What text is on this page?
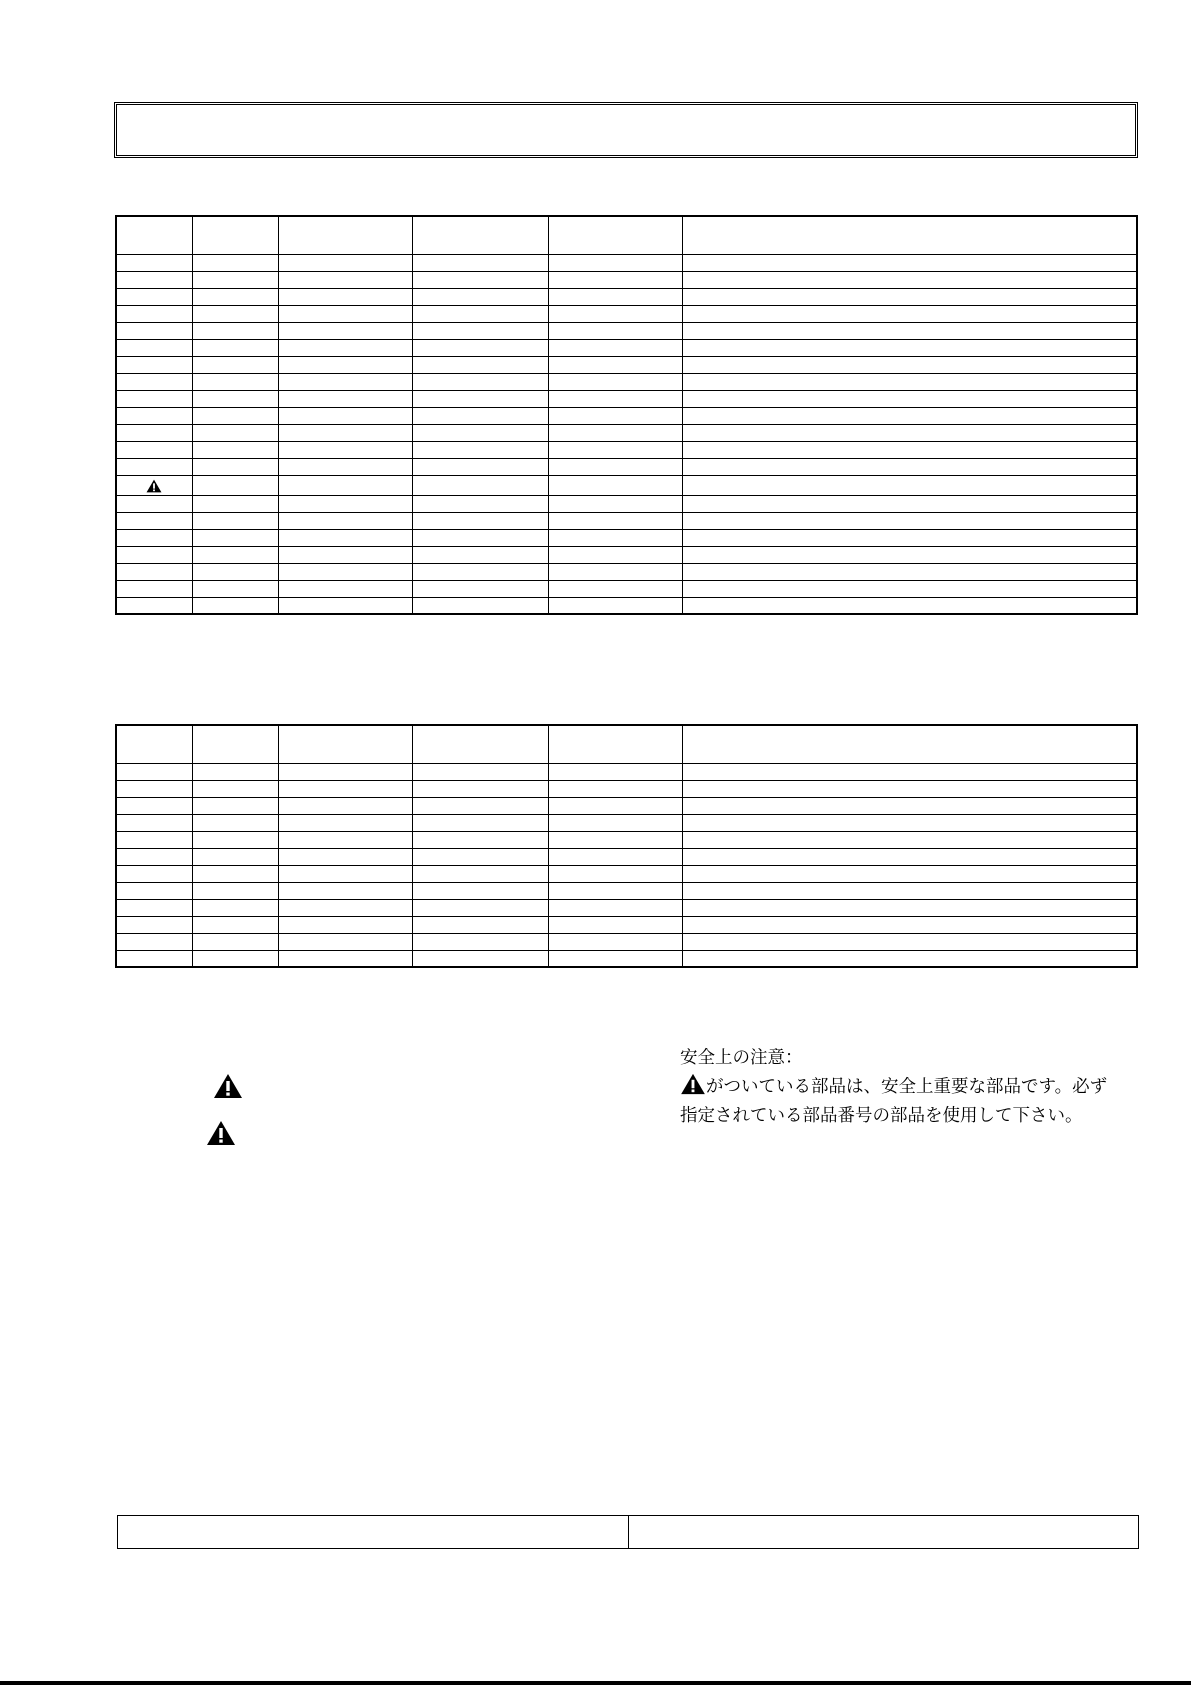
安全上の注意：
がついている部品は、安全上重要な部品です。必ず
指定されている部品番号の部品を使用して下さい。
